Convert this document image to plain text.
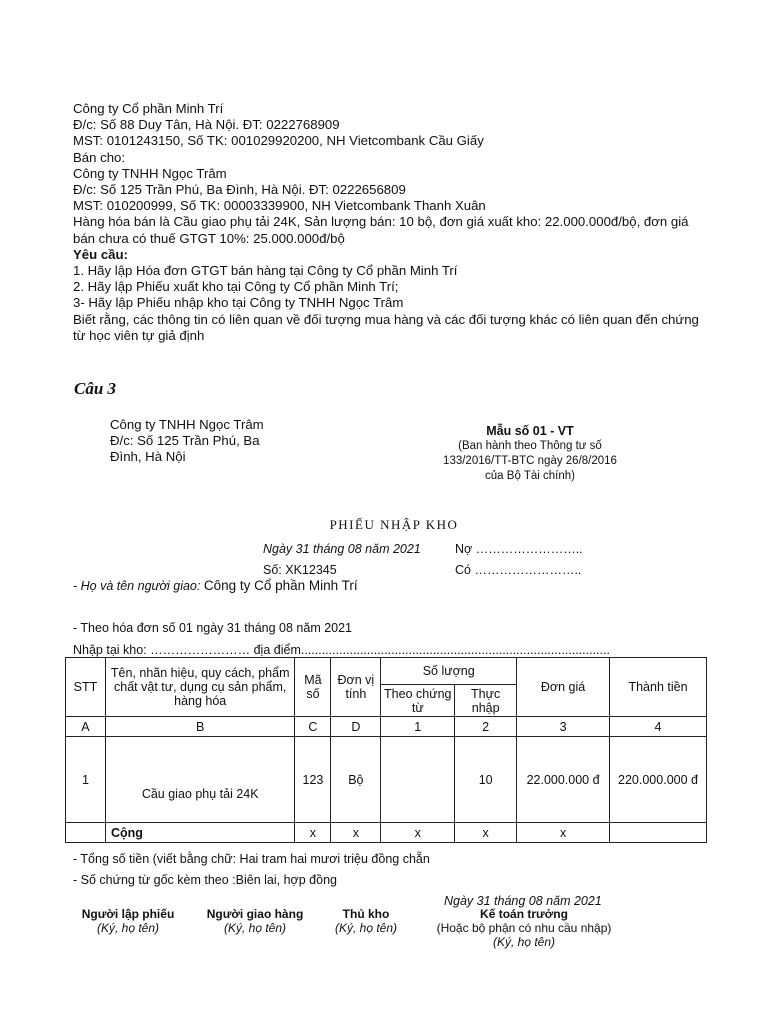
Công ty Cổ phần Minh Trí
Đ/c: Số 88 Duy Tân, Hà Nội. ĐT: 0222768909
MST: 0101243150, Số TK: 001029920200, NH Vietcombank Cầu Giấy
Bán cho:
Công ty TNHH Ngọc Trâm
Đ/c: Số 125 Trần Phú, Ba Đình, Hà Nội. ĐT: 0222656809
MST: 010200999, Số TK: 00003339900, NH Vietcombank Thanh Xuân
Hàng hóa bán là Cầu giao phụ tải 24K, Sản lượng bán: 10 bộ, đơn giá xuất kho: 22.000.000đ/bộ, đơn giá bán chưa có thuế GTGT 10%: 25.000.000đ/bộ
Yêu cầu:
1. Hãy lập Hóa đơn GTGT bán hàng tại Công ty Cổ phần Minh Trí
2. Hãy lập Phiếu xuất kho tại Công ty Cổ phần Minh Trí;
3- Hãy lập Phiếu nhập kho tại Công ty TNHH Ngọc Trâm
Biết rằng, các thông tin có liên quan về đối tượng mua hàng và các đối tượng khác có liên quan đến chứng từ học viên tự giả định
Câu 3
Công ty TNHH Ngọc Trâm
Đ/c: Số 125 Trần Phú, Ba Đình, Hà Nội
Mẫu số 01 - VT
(Ban hành theo Thông tư số 133/2016/TT-BTC ngày 26/8/2016 của Bộ Tài chính)
PHIẾU NHẬP KHO
Ngày 31 tháng 08 năm 2021	Nợ ……………………..
Số: XK12345	Có ……………………..
- Họ và tên người giao: Công ty Cổ phần Minh Trí
- Theo hóa đơn số 01 ngày 31 tháng 08 năm 2021
Nhập tại kho: …………………… địa điểm.........................................................................................
STT	Tên, nhãn hiệu, quy cách, phẩm chất vật tư, dụng cụ sản phẩm, hàng hóa	Mã số	Đơn vị tính	Số lượng		Đơn giá	Thành tiền
				Theo chứng từ	Thực nhập		
A	B	C	D	1	2	3	4
1	Cầu giao phụ tải 24K	123	Bộ		10	22.000.000 đ	220.000.000 đ
	Cộng	x	x	x	x	x	
- Tổng số tiền (viết bằng chữ: Hai tram hai mươi triệu đồng chẵn
- Số chứng từ gốc kèm theo :Biên lai, hợp đồng
Ngày 31 tháng 08 năm 2021
Người lập phiếu
(Ký, họ tên)
Người giao hàng
(Ký, họ tên)
Thủ kho
(Ký, họ tên)
Kế toán trưởng
(Hoặc bộ phận có nhu cầu nhập)
(Ký, họ tên)
